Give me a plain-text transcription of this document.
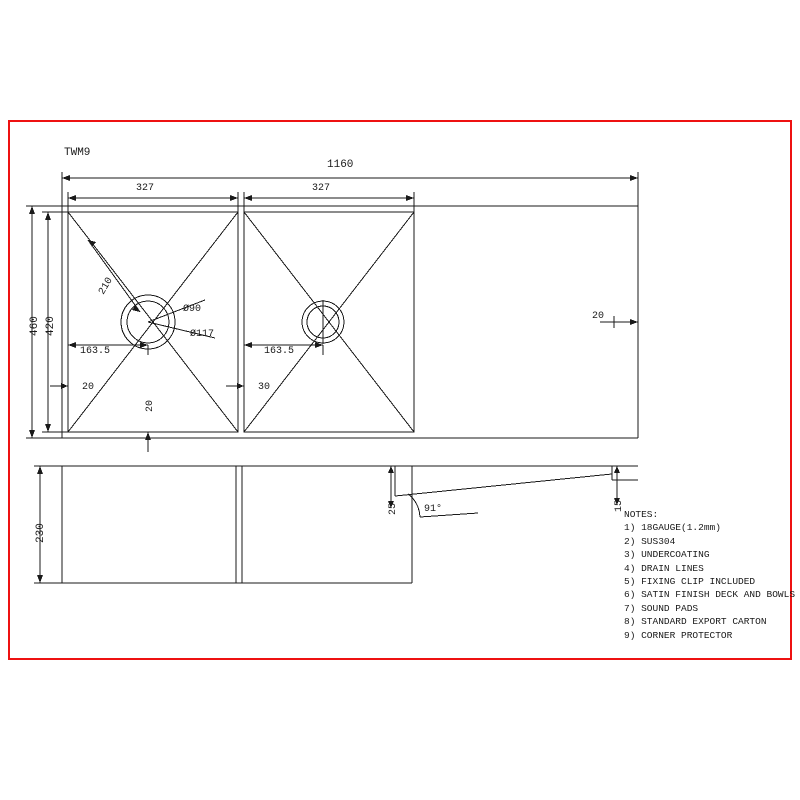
TWM9
1160
327	327
460 420
210
Ø90
Ø117
163.5	163.5
20	30
20
20
230
25	15
91°	NOTES:
1) 18GAUGE(1.2mm)
2) SUS304
3) UNDERCOATING
4) DRAIN LINES
5) FIXING CLIP INCLUDED
6) SATIN FINISH DECK AND BOWLS
7) SOUND PADS
8) STANDARD EXPORT CARTON
9) CORNER PROTECTOR
